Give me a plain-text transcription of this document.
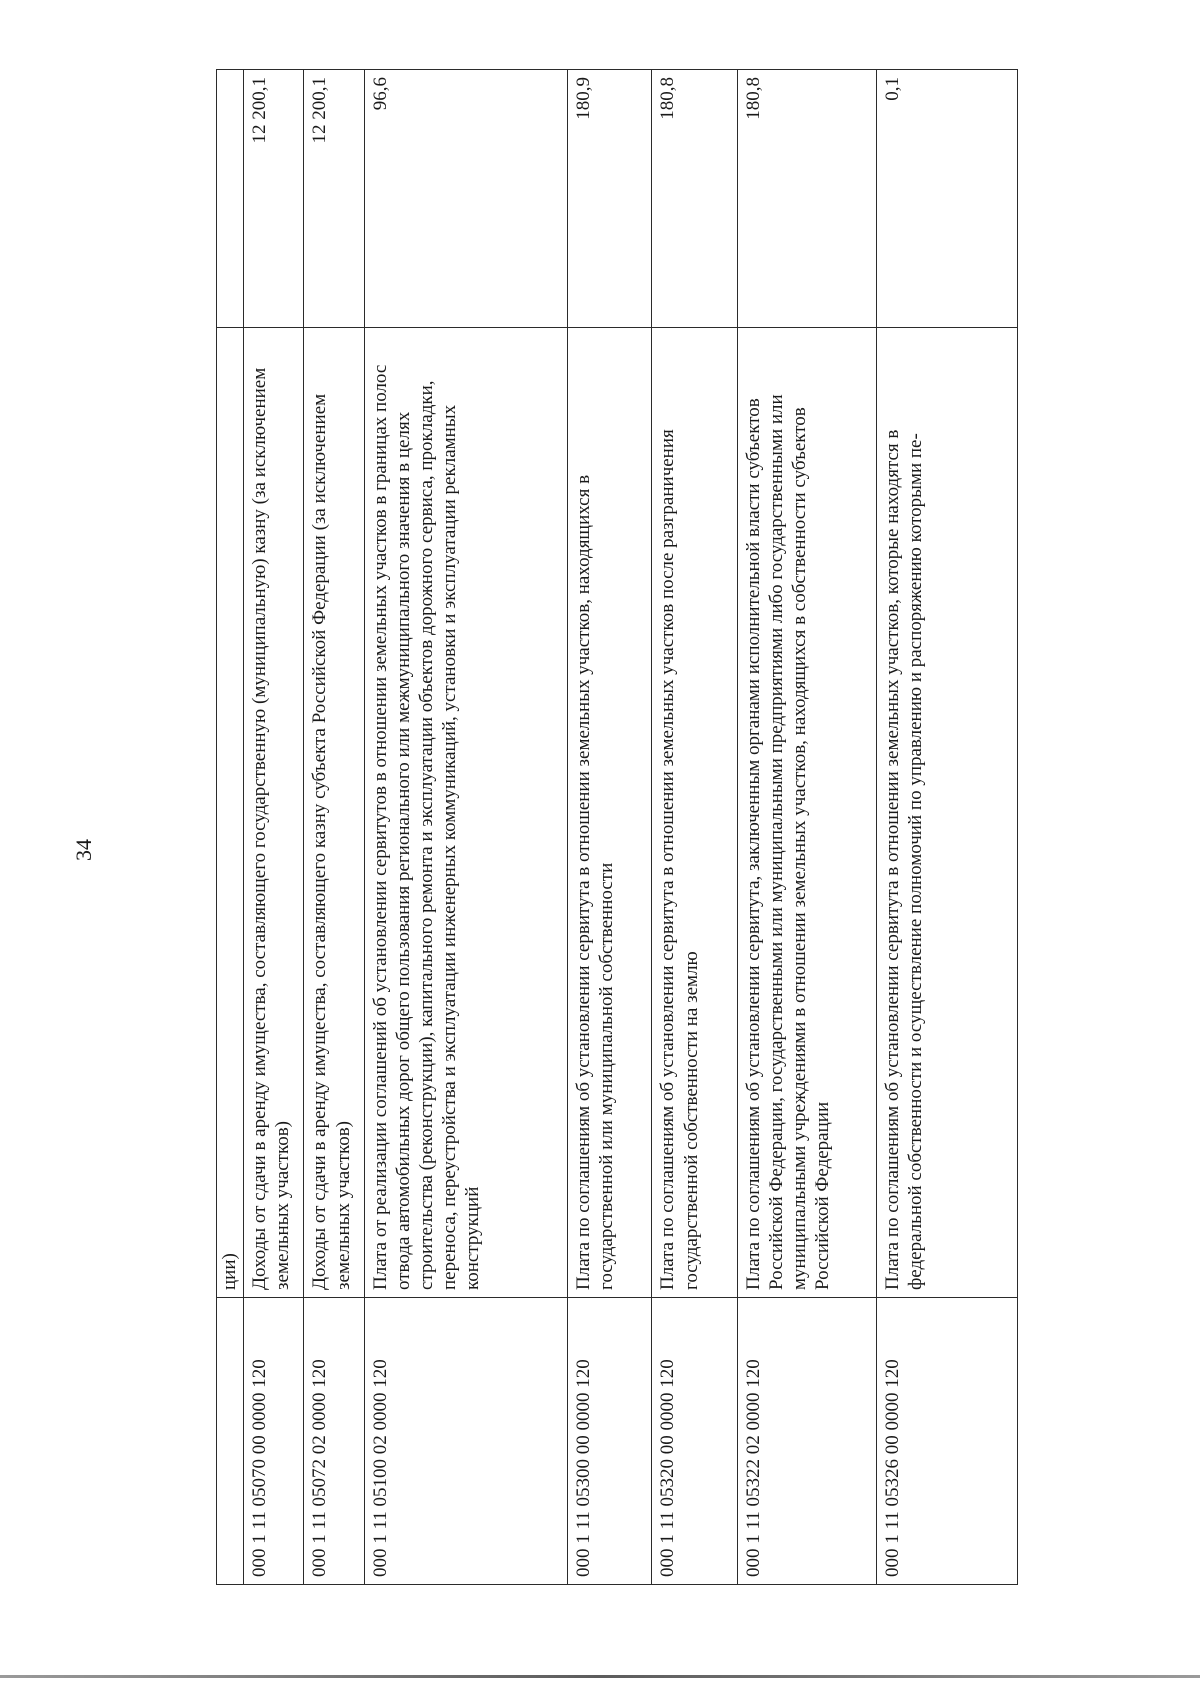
34
	ции)	
000 1 11 05070 00 0000 120	Доходы от сдачи в аренду имущества, составляющего государственную (муниципальную) казну (за исключением земельных участков)	12 200,1
000 1 11 05072 02 0000 120	Доходы от сдачи в аренду имущества, составляющего казну субъекта Российской Федерации (за исключением земельных участков)	12 200,1
000 1 11 05100 02 0000 120	Плата от реализации соглашений об установлении сервитутов в отношении земельных участков в границах полос отвода автомобильных дорог общего пользования регионального или межмуниципального значения в целях строительства (реконструкции), капитального ремонта и эксплуатации объектов дорожного сервиса, прокладки, переноса, переустройства и эксплуатации инженерных коммуникаций, установки и эксплуатации рекламных конструкций	96,6
000 1 11 05300 00 0000 120	Плата по соглашениям об установлении сервитута в отношении земельных участков, находящихся в государственной или муниципальной собственности	180,9
000 1 11 05320 00 0000 120	Плата по соглашениям об установлении сервитута в отношении земельных участков после разграничения государственной собственности на землю	180,8
000 1 11 05322 02 0000 120	Плата по соглашениям об установлении сервитута, заключенным органами исполнительной власти субъектов Российской Федерации, государственными или муниципальными предприятиями либо государственными или муниципальными учреждениями в отношении земельных участков, находящихся в собственности субъектов Российской Федерации	180,8
000 1 11 05326 00 0000 120	Плата по соглашениям об установлении сервитута в отношении земельных участков, которые находятся в федеральной собственности и осуществление полномочий по управлению и распоряжению которыми пе-	0,1
